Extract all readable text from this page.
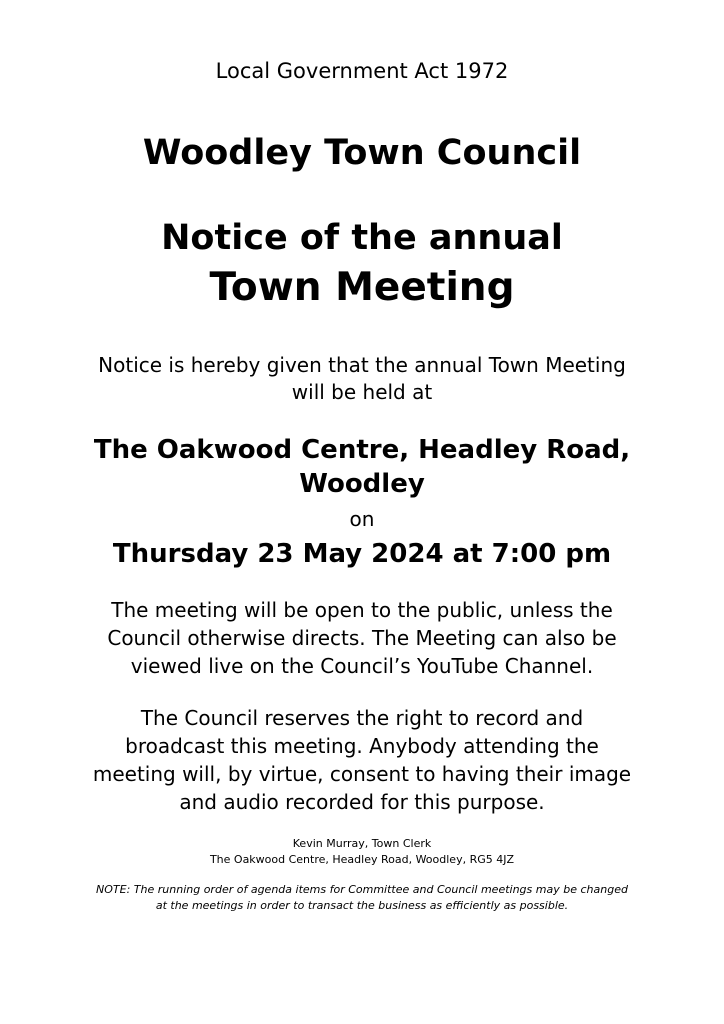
Local Government Act 1972

Woodley Town Council
Notice of the annual
Town Meeting

Notice is hereby given that the annual Town Meeting
will be held at

The Oakwood Centre, Headley Road,
Woodley

on

Thursday 23 May 2024 at 7:00 pm

The meeting will be open to the public, unless the
Council otherwise directs. The Meeting can also be
viewed live on the Council’s YouTube Channel.

The Council reserves the right to record and
broadcast this meeting. Anybody attending the
meeting will, by virtue, consent to having their image
and audio recorded for this purpose.

Kevin Murray, Town Clerk
The Oakwood Centre, Headley Road, Woodley, RG5 4JZ

NOTE: The running order of agenda items for Committee and Council meetings may be changed
at the meetings in order to transact the business as efficiently as possible.
